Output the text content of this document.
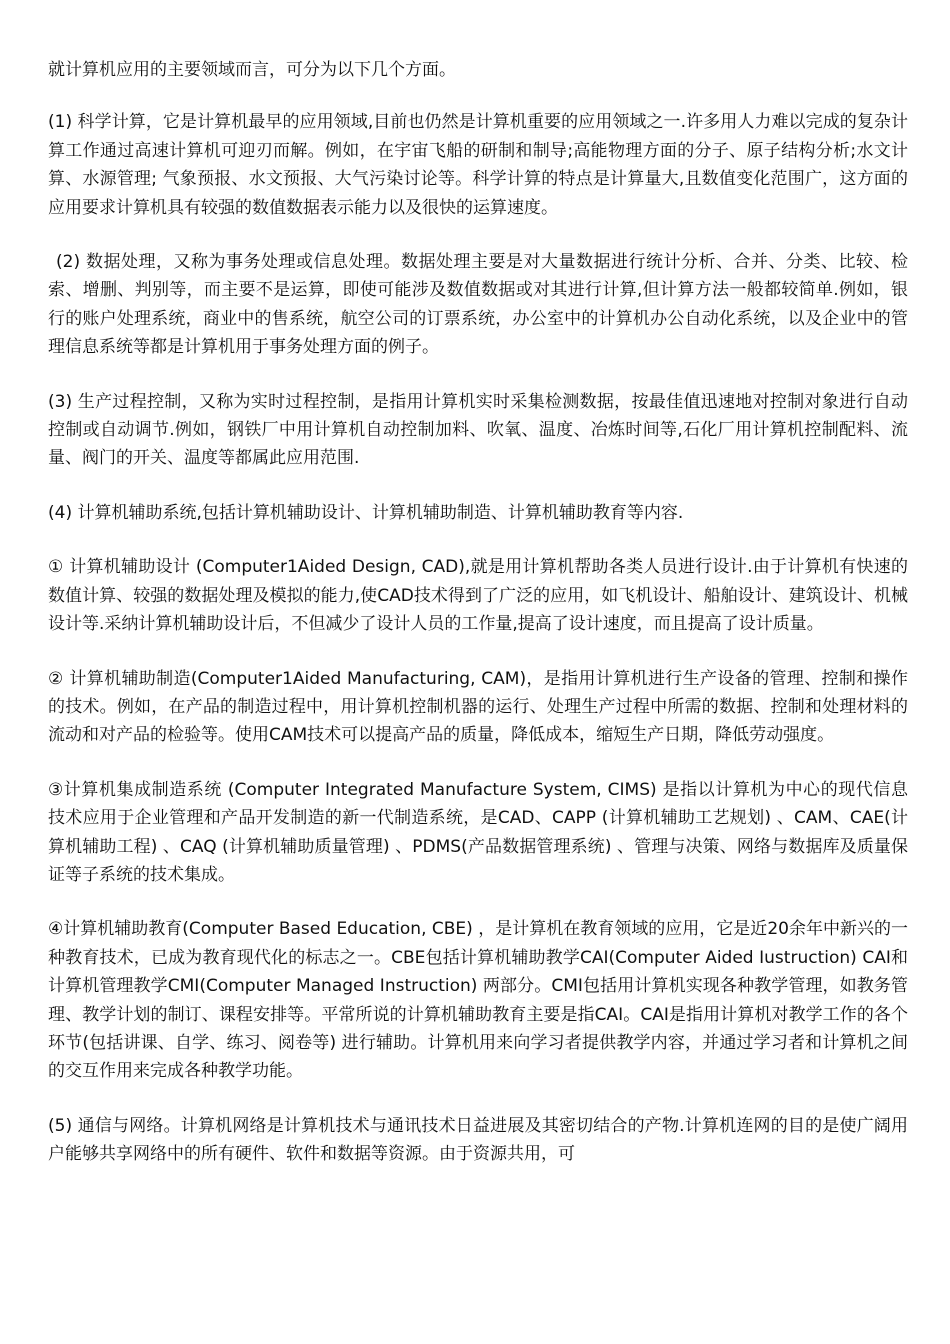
就计算机应用的主要领域而言，可分为以下几个方面。

(1) 科学计算，它是计算机最早的应用领域,目前也仍然是计算机重要的应用领域之一.许多用人力难以完成的复杂计算工作通过高速计算机可迎刃而解。例如，在宇宙飞船的研制和制导;高能物理方面的分子、原子结构分析;水文计算、水源管理; 气象预报、水文预报、大气污染讨论等。科学计算的特点是计算量大,且数值变化范围广，这方面的应用要求计算机具有较强的数值数据表示能力以及很快的运算速度。

(2) 数据处理，又称为事务处理或信息处理。数据处理主要是对大量数据进行统计分析、合并、分类、比较、检索、增删、判别等，而主要不是运算，即使可能涉及数值数据或对其进行计算,但计算方法一般都较简单.例如，银行的账户处理系统，商业中的售系统，航空公司的订票系统，办公室中的计算机办公自动化系统，以及企业中的管理信息系统等都是计算机用于事务处理方面的例子。

(3) 生产过程控制，又称为实时过程控制，是指用计算机实时采集检测数据，按最佳值迅速地对控制对象进行自动控制或自动调节.例如，钢铁厂中用计算机自动控制加料、吹氧、温度、冶炼时间等,石化厂用计算机控制配料、流量、阀门的开关、温度等都属此应用范围.

(4) 计算机辅助系统,包括计算机辅助设计、计算机辅助制造、计算机辅助教育等内容.

① 计算机辅助设计 (Computer1Aided Design, CAD),就是用计算机帮助各类人员进行设计.由于计算机有快速的数值计算、较强的数据处理及模拟的能力,使CAD技术得到了广泛的应用，如飞机设计、船舶设计、建筑设计、机械设计等.采纳计算机辅助设计后，不但减少了设计人员的工作量,提高了设计速度，而且提高了设计质量。

② 计算机辅助制造(Computer1Aided Manufacturing, CAM)，是指用计算机进行生产设备的管理、控制和操作的技术。例如，在产品的制造过程中，用计算机控制机器的运行、处理生产过程中所需的数据、控制和处理材料的流动和对产品的检验等。使用CAM技术可以提高产品的质量，降低成本，缩短生产日期，降低劳动强度。

③计算机集成制造系统 (Computer Integrated Manufacture System, CIMS) 是指以计算机为中心的现代信息技术应用于企业管理和产品开发制造的新一代制造系统，是CAD、CAPP (计算机辅助工艺规划) 、CAM、CAE(计算机辅助工程) 、CAQ (计算机辅助质量管理) 、PDMS(产品数据管理系统) 、管理与决策、网络与数据库及质量保证等子系统的技术集成。

④计算机辅助教育(Computer Based Education, CBE) ，是计算机在教育领域的应用，它是近20余年中新兴的一种教育技术，已成为教育现代化的标志之一。CBE包括计算机辅助教学CAI(Computer Aided Iustruction) CAI和计算机管理教学CMI(Computer Managed Instruction) 两部分。CMI包括用计算机实现各种教学管理，如教务管理、教学计划的制订、课程安排等。平常所说的计算机辅助教育主要是指CAI。CAI是指用计算机对教学工作的各个环节(包括讲课、自学、练习、阅卷等) 进行辅助。计算机用来向学习者提供教学内容，并通过学习者和计算机之间的交互作用来完成各种教学功能。

(5) 通信与网络。计算机网络是计算机技术与通讯技术日益进展及其密切结合的产物.计算机连网的目的是使广阔用户能够共享网络中的所有硬件、软件和数据等资源。由于资源共用，可
